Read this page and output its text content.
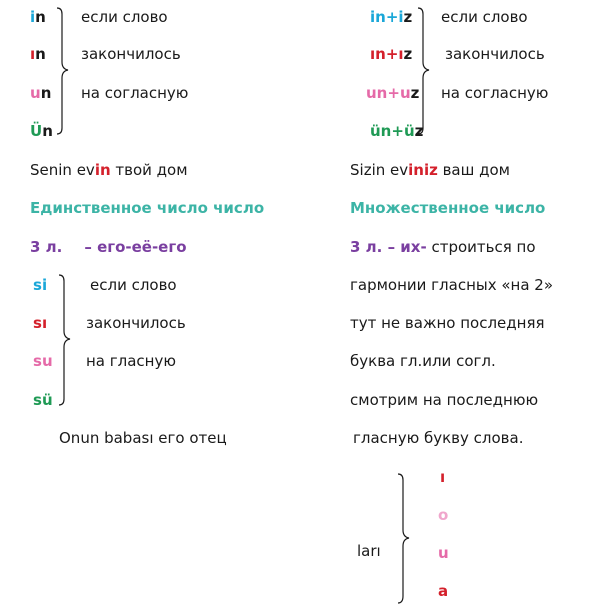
in
ın
un
Ün
если слово
закончилось
на согласную
Senin evin твой дом
in+iz
ın+ız
un+uz
ün+üz
если слово
закончилось
на согласную
Sizin eviniz ваш дом
Единственное число число	Множественное число
3 л. – его-её-его
si
sı
su
sü
если слово
закончилось
на гласную
Onun babası его отец
3 л. – их- строиться по
гармонии гласных «на 2»
тут не важно последняя
буква гл.или согл.
смотрим на последнюю
гласную букву слова.
ları
ı
o
u
a
